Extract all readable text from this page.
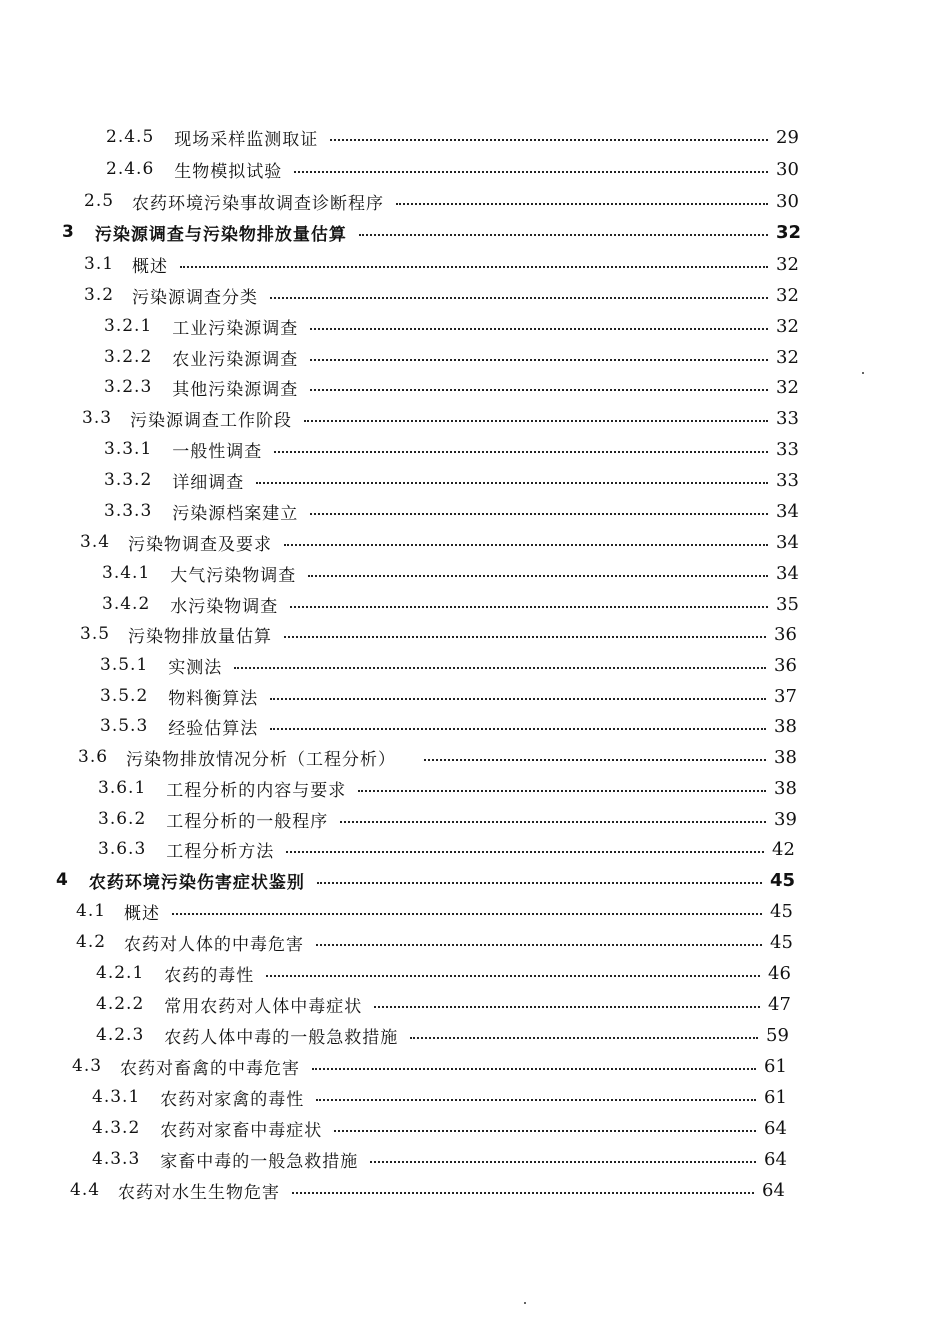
2.4.5 现场采样监测取证	29
2.4.6 生物模拟试验	30
2.5 农药环境污染事故调查诊断程序	30
3 污染源调查与污染物排放量估算	32
3.1 概述	32
3.2 污染源调查分类	32
3.2.1 工业污染源调查	32
3.2.2 农业污染源调查	32
3.2.3 其他污染源调查	32
3.3 污染源调查工作阶段	33
3.3.1 一般性调查	33
3.3.2 详细调查	33
3.3.3 污染源档案建立	34
3.4 污染物调查及要求	34
3.4.1 大气污染物调查	34
3.4.2 水污染物调查	35
3.5 污染物排放量估算	36
3.5.1 实测法	36
3.5.2 物料衡算法	37
3.5.3 经验估算法	38
3.6 污染物排放情况分析（工程分析）	38
3.6.1 工程分析的内容与要求	38
3.6.2 工程分析的一般程序	39
3.6.3 工程分析方法	42
4 农药环境污染伤害症状鉴别	45
4.1 概述	45
4.2 农药对人体的中毒危害	45
4.2.1 农药的毒性	46
4.2.2 常用农药对人体中毒症状	47
4.2.3 农药人体中毒的一般急救措施	59
4.3 农药对畜禽的中毒危害	61
4.3.1 农药对家禽的毒性	61
4.3.2 农药对家畜中毒症状	64
4.3.3 家畜中毒的一般急救措施	64
4.4 农药对水生生物危害	64
